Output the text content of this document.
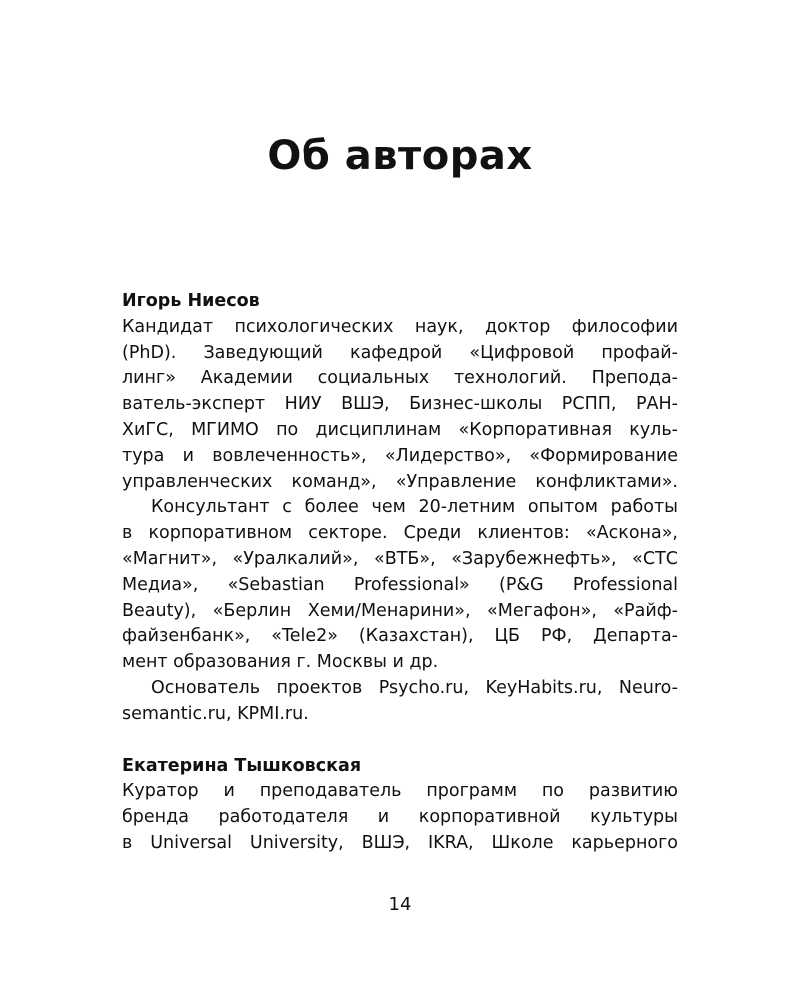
Об авторах

Игорь Ниесов

Кандидат психологических наук, доктор философии
(PhD). Заведующий кафедрой «Цифровой профай-
линг» Академии социальных технологий. Препода-
ватель-эксперт НИУ ВШЭ, Бизнес-школы РСПП, РАН-
ХиГС, МГИМО по дисциплинам «Корпоративная куль-
тура и вовлеченность», «Лидерство», «Формирование
управленческих команд», «Управление конфликтами».

Консультант с более чем 20-летним опытом работы
в корпоративном секторе. Среди клиентов: «Аскона»,
«Магнит», «Уралкалий», «ВТБ», «Зарубежнефть», «СТС
Медиа», «Sebastian Professional» (P&G Professional
Beauty), «Берлин Хеми/Менарини», «Мегафон», «Райф-
файзенбанк», «Tele2» (Казахстан), ЦБ РФ, Департа-
мент образования г. Москвы и др.

Основатель проектов Psycho.ru, KeyHabits.ru, Neuro-
semantic.ru, KPMI.ru.

Екатерина Тышковская

Куратор и преподаватель программ по развитию
бренда работодателя и корпоративной культуры
в Universal University, ВШЭ, IKRA, Школе карьерного

14
